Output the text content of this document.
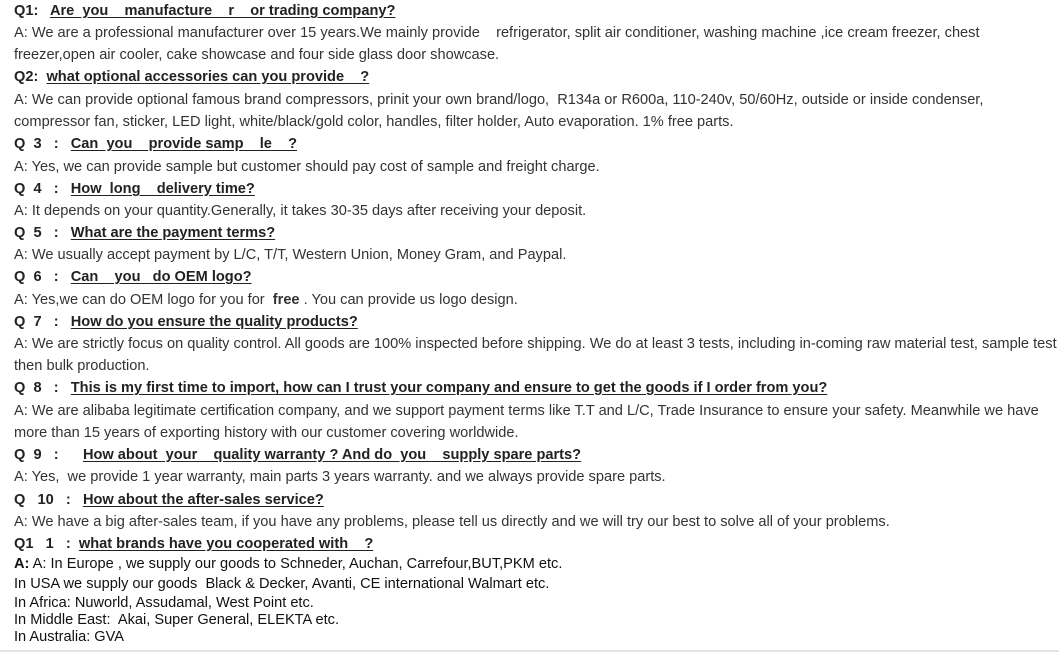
Q1:   Are  you    manufacture    r    or trading company?

A: We are a professional manufacturer over 15 years.We mainly provide    refrigerator, split air conditioner, washing machine ,ice cream freezer, chest

freezer,open air cooler, cake showcase and four side glass door showcase.

Q2:  what optional accessories can you provide    ?

A: We can provide optional famous brand compressors, prinit your own brand/logo,  R134a or R600a, 110-240v, 50/60Hz, outside or inside condenser,

compressor fan, sticker, LED light, white/black/gold color, handles, filter holder, Auto evaporation. 1% free parts.

Q  3   :   Can  you    provide samp    le    ?

A: Yes, we can provide sample but customer should pay cost of sample and freight charge.

Q  4   :   How  long    delivery time?

A: It depends on your quantity.Generally, it takes 30-35 days after receiving your deposit.

Q  5   :   What are the payment terms?

A: We usually accept payment by L/C, T/T, Western Union, Money Gram, and Paypal.

Q  6   :   Can    you   do OEM logo?

A: Yes,we can do OEM logo for you for  free . You can provide us logo design.

Q  7   :   How do you ensure the quality products?

A: We are strictly focus on quality control. All goods are 100% inspected before shipping. We do at least 3 tests, including in-coming raw material test, sample test

then bulk production.

Q  8   :   This is my first time to import, how can I trust your company and ensure to get the goods if I order from you?

A: We are alibaba legitimate certification company, and we support payment terms like T.T and L/C, Trade Insurance to ensure your safety. Meanwhile we have

more than 15 years of exporting history with our customer covering worldwide.

Q  9   :      How about  your    quality warranty ? And do  you    supply spare parts?

A: Yes,  we provide 1 year warranty, main parts 3 years warranty. and we always provide spare parts.

Q   10   :   How about the after-sales service?

A: We have a big after-sales team, if you have any problems, please tell us directly and we will try our best to solve all of your problems.

Q1   1   :  what brands have you cooperated with    ?

A: A: In Europe , we supply our goods to Schneder, Auchan, Carrefour,BUT,PKM etc.

In USA we supply our goods  Black & Decker, Avanti, CE international Walmart etc.

In Africa: Nuworld, Assudamal, West Point etc.

In Middle East:  Akai, Super General, ELEKTA etc.

In Australia: GVA
